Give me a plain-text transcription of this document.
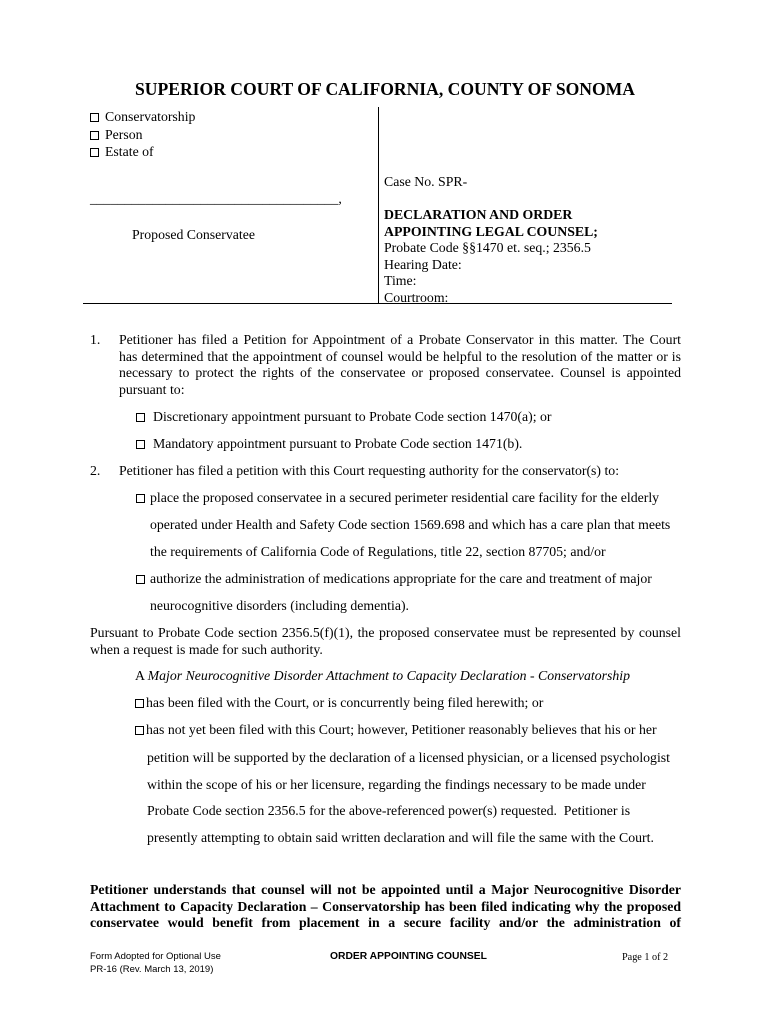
SUPERIOR COURT OF CALIFORNIA, COUNTY OF SONOMA
Conservatorship
Person
Estate of
____________________________________,
Proposed Conservatee
Case No. SPR-
DECLARATION AND ORDER
APPOINTING LEGAL COUNSEL;
Probate Code §§1470 et. seq.; 2356.5
Hearing Date:
Time:
Courtroom:
1. Petitioner has filed a Petition for Appointment of a Probate Conservator in this matter. The Court
has determined that the appointment of counsel would be helpful to the resolution of the matter or is
necessary to protect the rights of the conservatee or proposed conservatee. Counsel is appointed
pursuant to:
Discretionary appointment pursuant to Probate Code section 1470(a); or
Mandatory appointment pursuant to Probate Code section 1471(b).
2. Petitioner has filed a petition with this Court requesting authority for the conservator(s) to:
place the proposed conservatee in a secured perimeter residential care facility for the elderly
operated under Health and Safety Code section 1569.698 and which has a care plan that meets
the requirements of California Code of Regulations, title 22, section 87705; and/or
authorize the administration of medications appropriate for the care and treatment of major
neurocognitive disorders (including dementia).
Pursuant to Probate Code section 2356.5(f)(1), the proposed conservatee must be represented by counsel
when a request is made for such authority.
A Major Neurocognitive Disorder Attachment to Capacity Declaration - Conservatorship
has been filed with the Court, or is concurrently being filed herewith; or
has not yet been filed with this Court; however, Petitioner reasonably believes that his or her
petition will be supported by the declaration of a licensed physician, or a licensed psychologist
within the scope of his or her licensure, regarding the findings necessary to be made under
Probate Code section 2356.5 for the above-referenced power(s) requested.  Petitioner is
presently attempting to obtain said written declaration and will file the same with the Court.
Petitioner understands that counsel will not be appointed until a Major Neurocognitive Disorder
Attachment to Capacity Declaration – Conservatorship has been filed indicating why the proposed
conservatee would benefit from placement in a secure facility and/or the administration of
Form Adopted for Optional Use
PR-16 (Rev. March 13, 2019)
ORDER APPOINTING COUNSEL	Page 1 of 2
